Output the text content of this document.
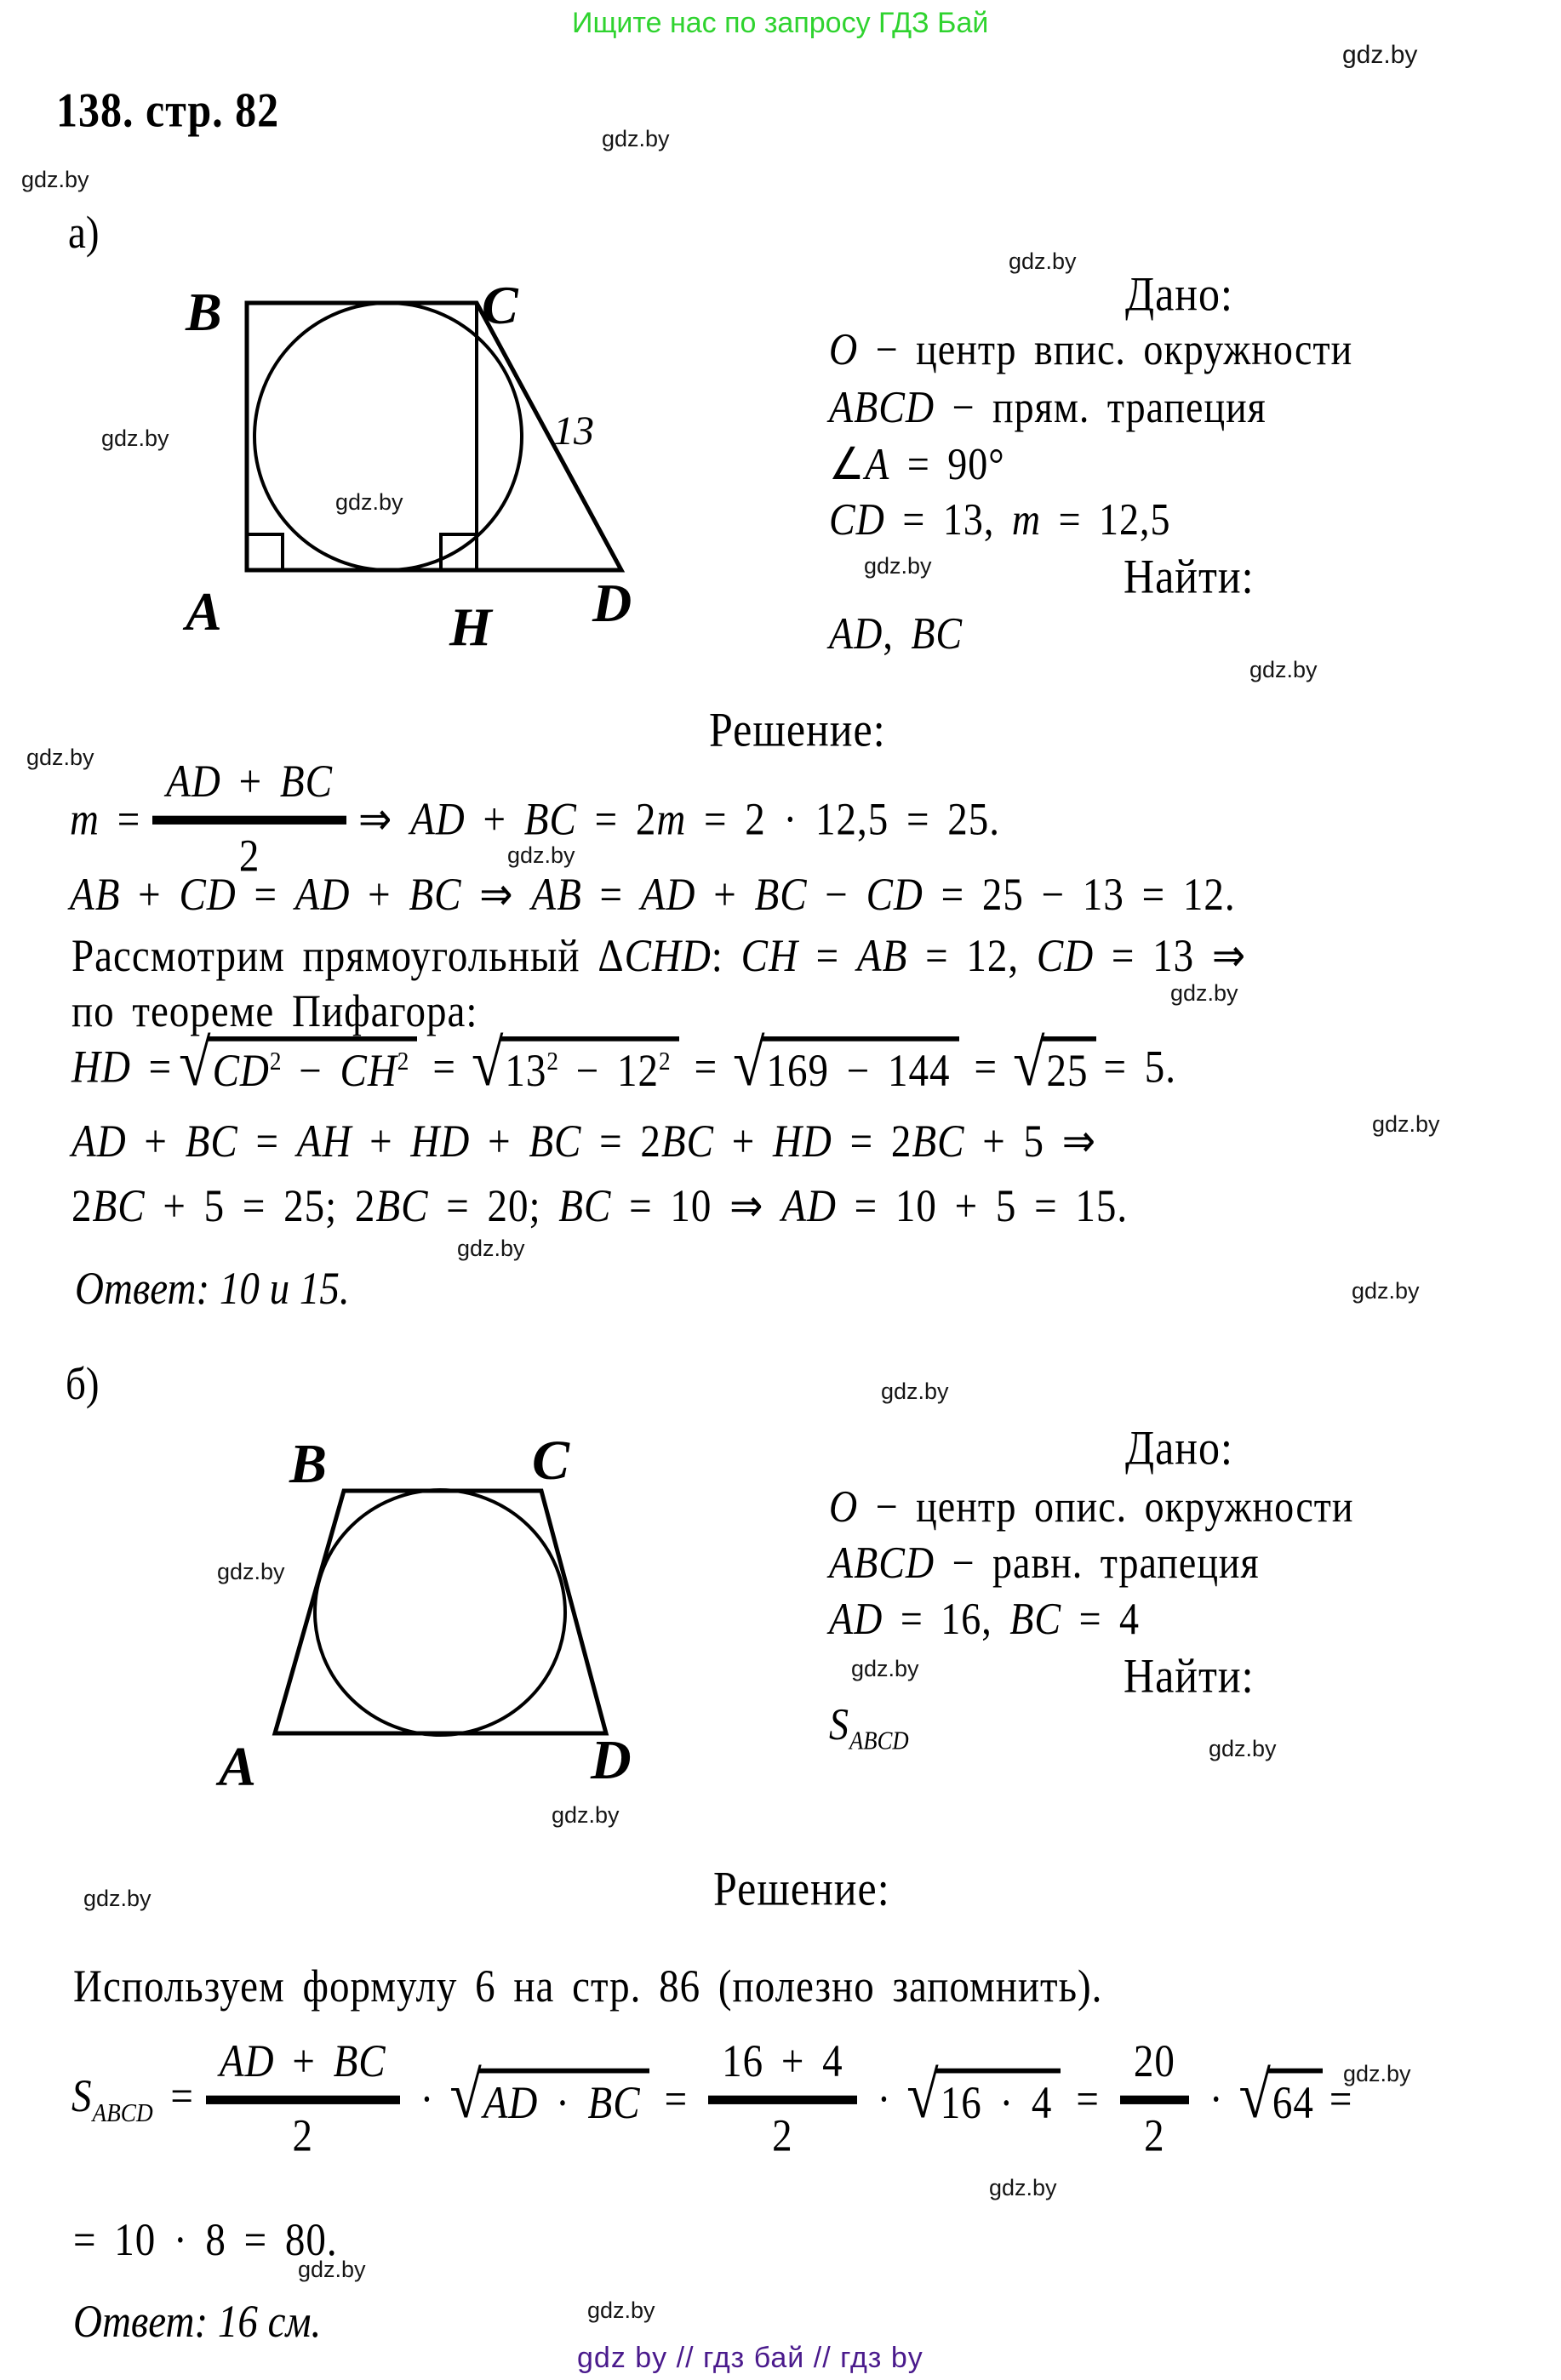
Ищите нас по запросу ГДЗ Бай
gdz.by
gdz.by
gdz.by
gdz.by
gdz.by
gdz.by
gdz.by
gdz.by
gdz.by
gdz.by
gdz.by
gdz.by
gdz.by
gdz.by
gdz.by
gdz.by
gdz.by
gdz.by
gdz.by
gdz.by
gdz.by
gdz.by
gdz.by
gdz.by
138. стр. 82
а)
B	C
A	H D
13
Дано:
O − центр впис. окружности
ABCD − прям. трапеция
∠A = 90°
CD = 13, m = 12,5
Найти:
AD, BC
Решение:
m =
AD + BC
2
⇒ AD + BC = 2m = 2 · 12,5 = 25.
AB + CD = AD + BC ⇒ AB = AD + BC − CD = 25 − 13 = 12.
Рассмотрим прямоугольный ΔCHD: CH = AB = 12, CD = 13 ⇒
по теореме Пифагора:
HD = √ $CD^2 - CH^2$ = √ $13^2 - 12^2$ = √ 169 − 144 = √ 25 = 5.
AD + BC = AH + HD + BC = 2BC + HD = 2BC + 5 ⇒
2BC + 5 = 25; 2BC = 20; BC = 10 ⇒ AD = 10 + 5 = 15.
Ответ: 10 и 15.
б)
B	C
A	D
Дано:
O − центр опис. окружности
ABCD − равн. трапеция
AD = 16, BC = 4
Найти:
$S_{ABCD}$
Решение:
Используем формулу 6 на стр. 86 (полезно запомнить).
$S_{ABCD}$ =
AD + BC
2
· √ AD · BC =
16 + 4
2
· √ 16 · 4 =
20
2
· √ 64 =
= 10 · 8 = 80.
Ответ: 16 см.
gdz by // гдз бай // гдз by
